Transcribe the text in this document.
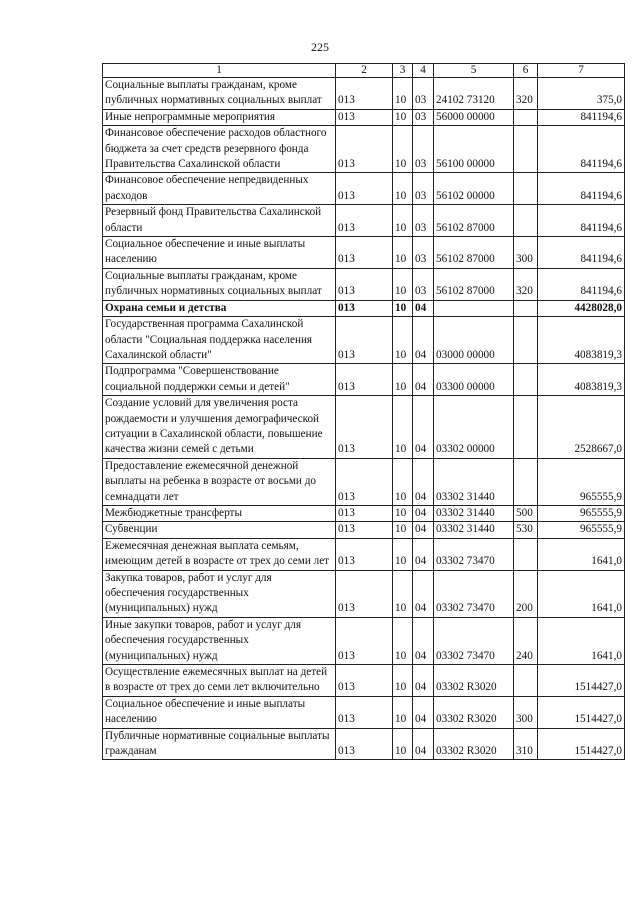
225
1	2	3	4	5	6	7
Социальные выплаты гражданам, кроме публичных нормативных социальных выплат	013	10	03	24102 73120	320	375,0
Иные непрограммные мероприятия	013	10	03	56000 00000		841194,6
Финансовое обеспечение расходов областного бюджета за счет средств резервного фонда Правительства Сахалинской области	013	10	03	56100 00000		841194,6
Финансовое обеспечение непредвиденных расходов	013	10	03	56102 00000		841194,6
Резервный фонд Правительства Сахалинской области	013	10	03	56102 87000		841194,6
Социальное обеспечение и иные выплаты населению	013	10	03	56102 87000	300	841194,6
Социальные выплаты гражданам, кроме публичных нормативных социальных выплат	013	10	03	56102 87000	320	841194,6
Охрана семьи и детства	013	10	04			4428028,0
Государственная программа Сахалинской области "Социальная поддержка населения Сахалинской области"	013	10	04	03000 00000		4083819,3
Подпрограмма "Совершенствование социальной поддержки семьи и детей"	013	10	04	03300 00000		4083819,3
Создание условий для увеличения роста рождаемости и улучшения демографической ситуации в Сахалинской области, повышение качества жизни семей с детьми	013	10	04	03302 00000		2528667,0
Предоставление ежемесячной денежной выплаты на ребенка в возрасте от восьми до семнадцати лет	013	10	04	03302 31440		965555,9
Межбюджетные трансферты	013	10	04	03302 31440	500	965555,9
Субвенции	013	10	04	03302 31440	530	965555,9
Ежемесячная денежная выплата семьям, имеющим детей в возрасте от трех до семи лет	013	10	04	03302 73470		1641,0
Закупка товаров, работ и услуг для обеспечения государственных (муниципальных) нужд	013	10	04	03302 73470	200	1641,0
Иные закупки товаров, работ и услуг для обеспечения государственных (муниципальных) нужд	013	10	04	03302 73470	240	1641,0
Осуществление ежемесячных выплат на детей в возрасте от трех до семи лет включительно	013	10	04	03302 R3020		1514427,0
Социальное обеспечение и иные выплаты населению	013	10	04	03302 R3020	300	1514427,0
Публичные нормативные социальные выплаты гражданам	013	10	04	03302 R3020	310	1514427,0
